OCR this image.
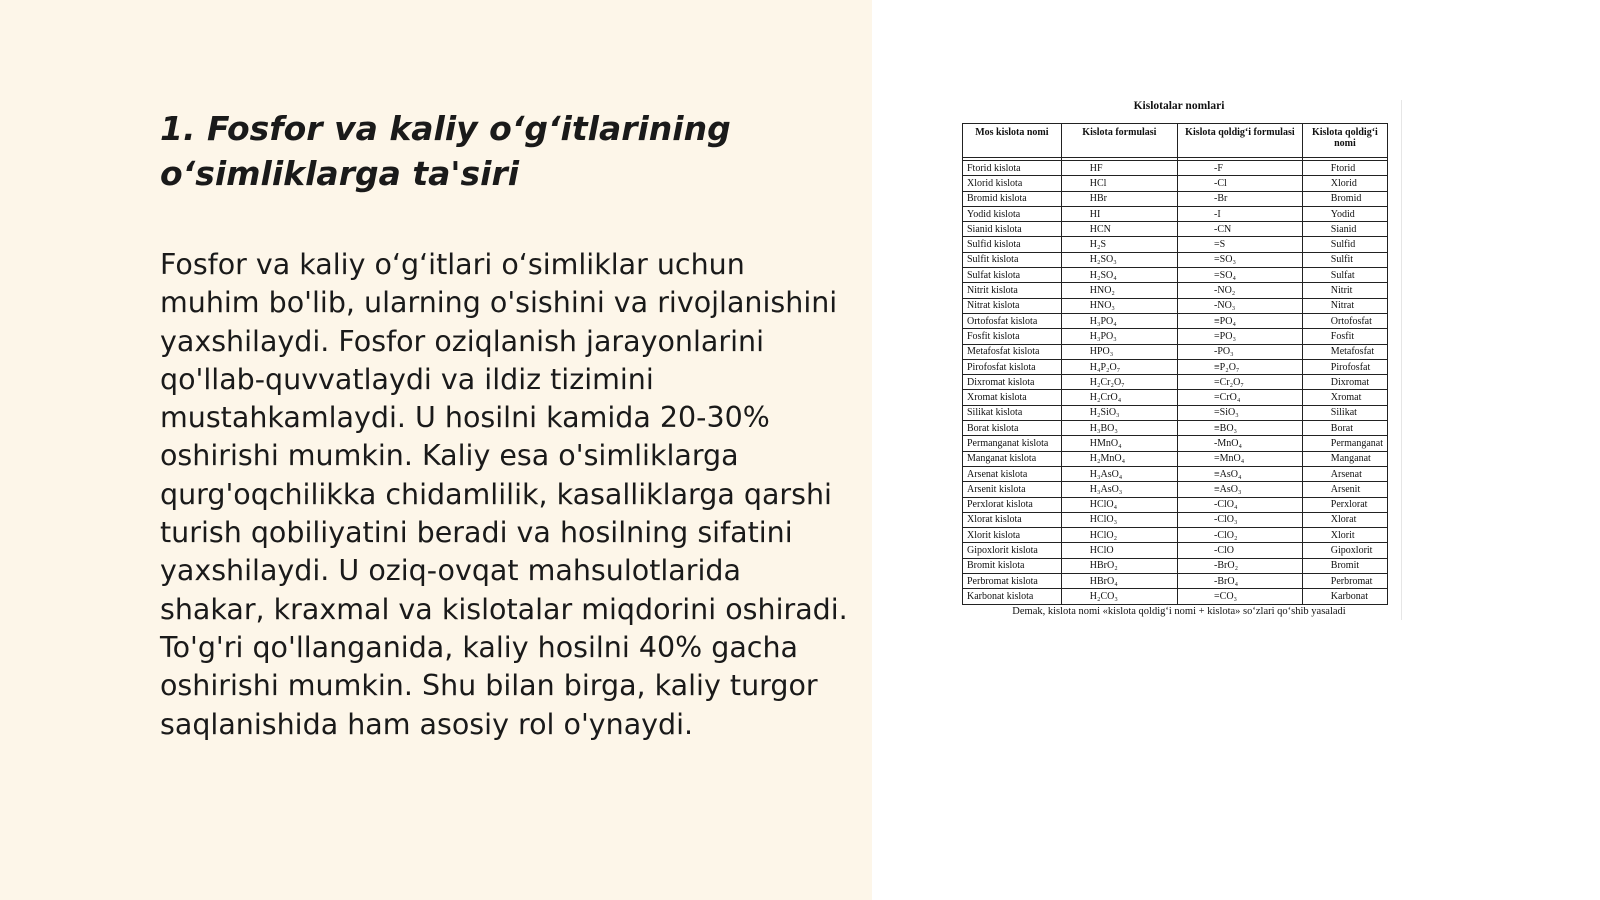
1. Fosfor va kaliy o‘g‘itlarining o‘simliklarga ta'siri

Fosfor va kaliy o‘g‘itlari o‘simliklar uchun muhim bo'lib, ularning o'sishini va rivojlanishini yaxshilaydi. Fosfor oziqlanish jarayonlarini qo'llab-quvvatlaydi va ildiz tizimini mustahkamlaydi. U hosilni kamida 20-30% oshirishi mumkin. Kaliy esa o'simliklarga qurg'oqchilikka chidamlilik, kasalliklarga qarshi turish qobiliyatini beradi va hosilning sifatini yaxshilaydi. U oziq-ovqat mahsulotlarida shakar, kraxmal va kislotalar miqdorini oshiradi. To'g'ri qo'llanganida, kaliy hosilni 40% gacha oshirishi mumkin. Shu bilan birga, kaliy turgor saqlanishida ham asosiy rol o'ynaydi.

Kislotalar nomlari
Mos kislota nomi	Kislota formulasi	Kislota qoldig‘i formulasi	Kislota qoldig‘i nomi

Ftorid kislota	HF	-F	Ftorid
Xlorid kislota	HCl	-Cl	Xlorid
Bromid kislota	HBr	-Br	Bromid
Yodid kislota	HI	-I	Yodid
Sianid kislota	HCN	-CN	Sianid
Sulfid kislota	H₂S	=S	Sulfid
Sulfit kislota	H₂SO₃	=SO₃	Sulfit
Sulfat kislota	H₂SO₄	=SO₄	Sulfat
Nitrit kislota	HNO₂	-NO₂	Nitrit
Nitrat kislota	HNO₃	-NO₃	Nitrat
Ortofosfat kislota	H₃PO₄	≡PO₄	Ortofosfat
Fosfit kislota	H₃PO₃	=PO₃	Fosfit
Metafosfat kislota	HPO₃	-PO₃	Metafosfat
Pirofosfat kislota	H₄P₂O₇	≡P₂O₇	Pirofosfat
Dixromat kislota	H₂Cr₂O₇	=Cr₂O₇	Dixromat
Xromat kislota	H₂CrO₄	=CrO₄	Xromat
Silikat kislota	H₂SiO₃	=SiO₃	Silikat
Borat kislota	H₃BO₃	≡BO₃	Borat
Permanganat kislota	HMnO₄	-MnO₄	Permanganat
Manganat kislota	H₂MnO₄	=MnO₄	Manganat
Arsenat kislota	H₃AsO₄	≡AsO₄	Arsenat
Arsenit kislota	H₃AsO₃	≡AsO₃	Arsenit
Perxlorat kislota	HClO₄	-ClO₄	Perxlorat
Xlorat kislota	HClO₃	-ClO₃	Xlorat
Xlorit kislota	HClO₂	-ClO₂	Xlorit
Gipoxlorit kislota	HClO	-ClO	Gipoxlorit
Bromit kislota	HBrO₂	-BrO₂	Bromit
Perbromat kislota	HBrO₄	-BrO₄	Perbromat
Karbonat kislota	H₂CO₃	=CO₃	Karbonat
Demak, kislota nomi «kislota qoldig‘i nomi + kislota» so‘zlari qo‘shib yasaladi
